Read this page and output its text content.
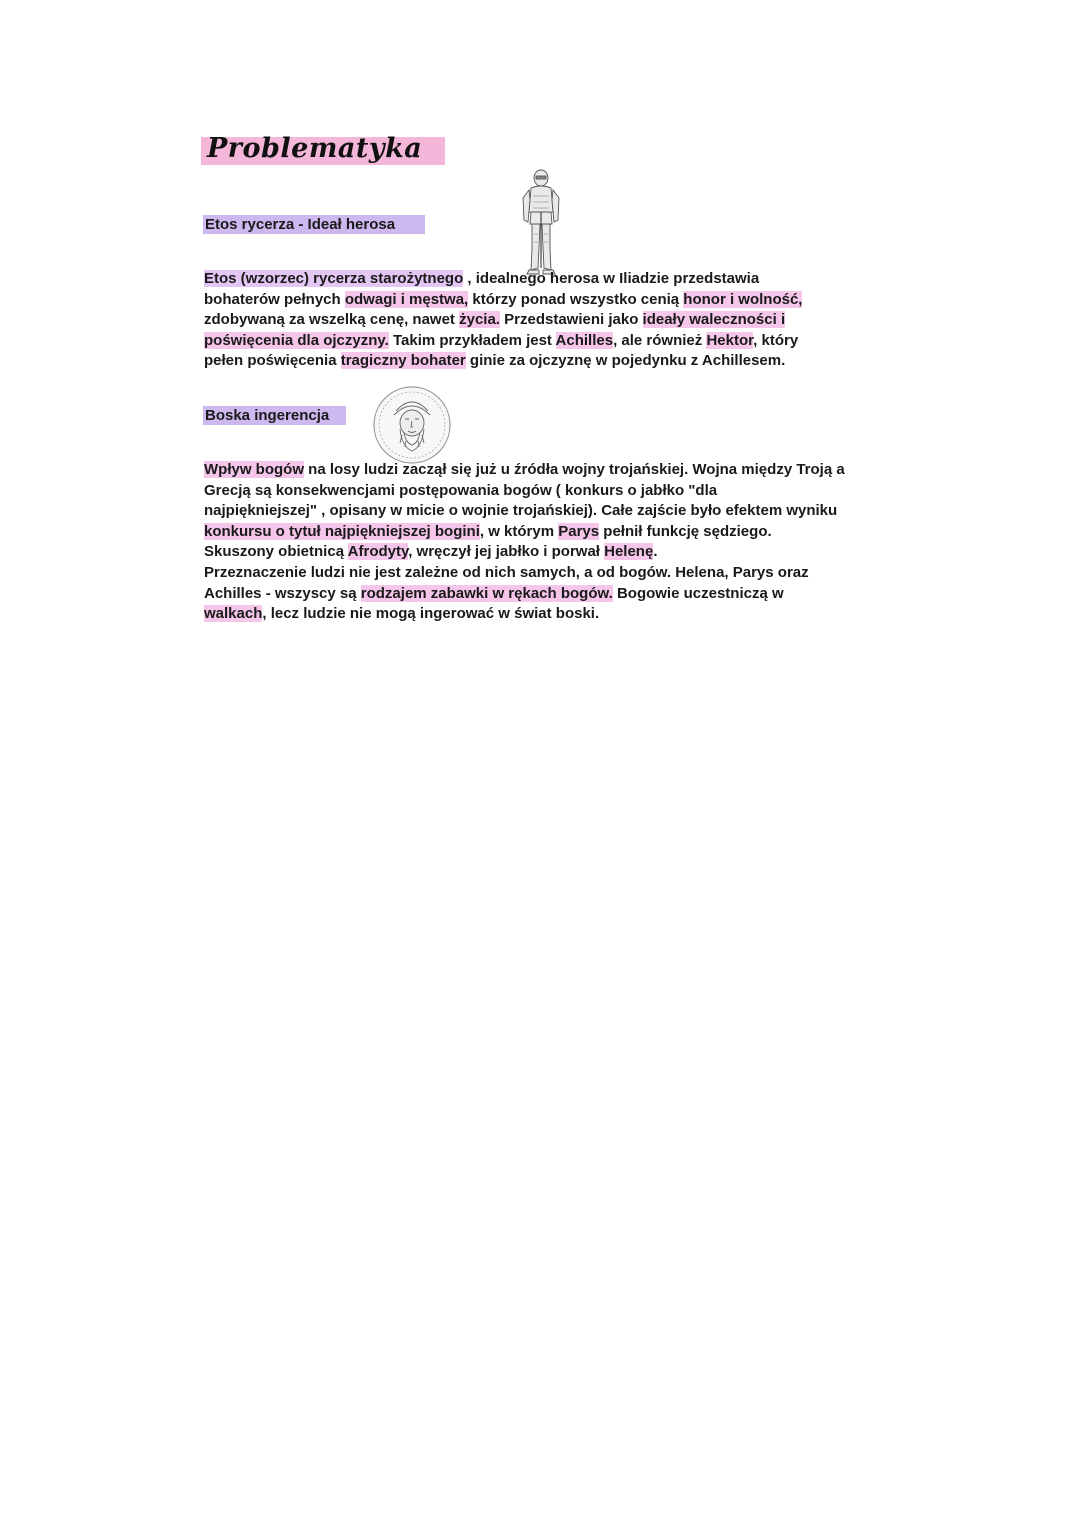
Problematyka
Etos rycerza - Ideał herosa
Etos (wzorzec) rycerza starożytnego , idealnego herosa w Iliadzie przedstawia
bohaterów pełnych odwagi i męstwa, którzy ponad wszystko cenią honor i wolność,
zdobywaną za wszelką cenę, nawet życia. Przedstawieni jako ideały waleczności i
poświęcenia dla ojczyzny. Takim przykładem jest Achilles, ale również Hektor, który
pełen poświęcenia tragiczny bohater ginie za ojczyznę w pojedynku z Achillesem.
Boska ingerencja
Wpływ bogów na losy ludzi zaczął się już u źródła wojny trojańskiej. Wojna między Troją a
Grecją są konsekwencjami postępowania bogów ( konkurs o jabłko "dla
najpiękniejszej" , opisany w micie o wojnie trojańskiej). Całe zajście było efektem wyniku
konkursu o tytuł najpiękniejszej bogini, w którym Parys pełnił funkcję sędziego.
Skuszony obietnicą Afrodyty, wręczył jej jabłko i porwał Helenę.
Przeznaczenie ludzi nie jest zależne od nich samych, a od bogów. Helena, Parys oraz
Achilles - wszyscy są rodzajem zabawki w rękach bogów. Bogowie uczestniczą w
walkach, lecz ludzie nie mogą ingerować w świat boski.
